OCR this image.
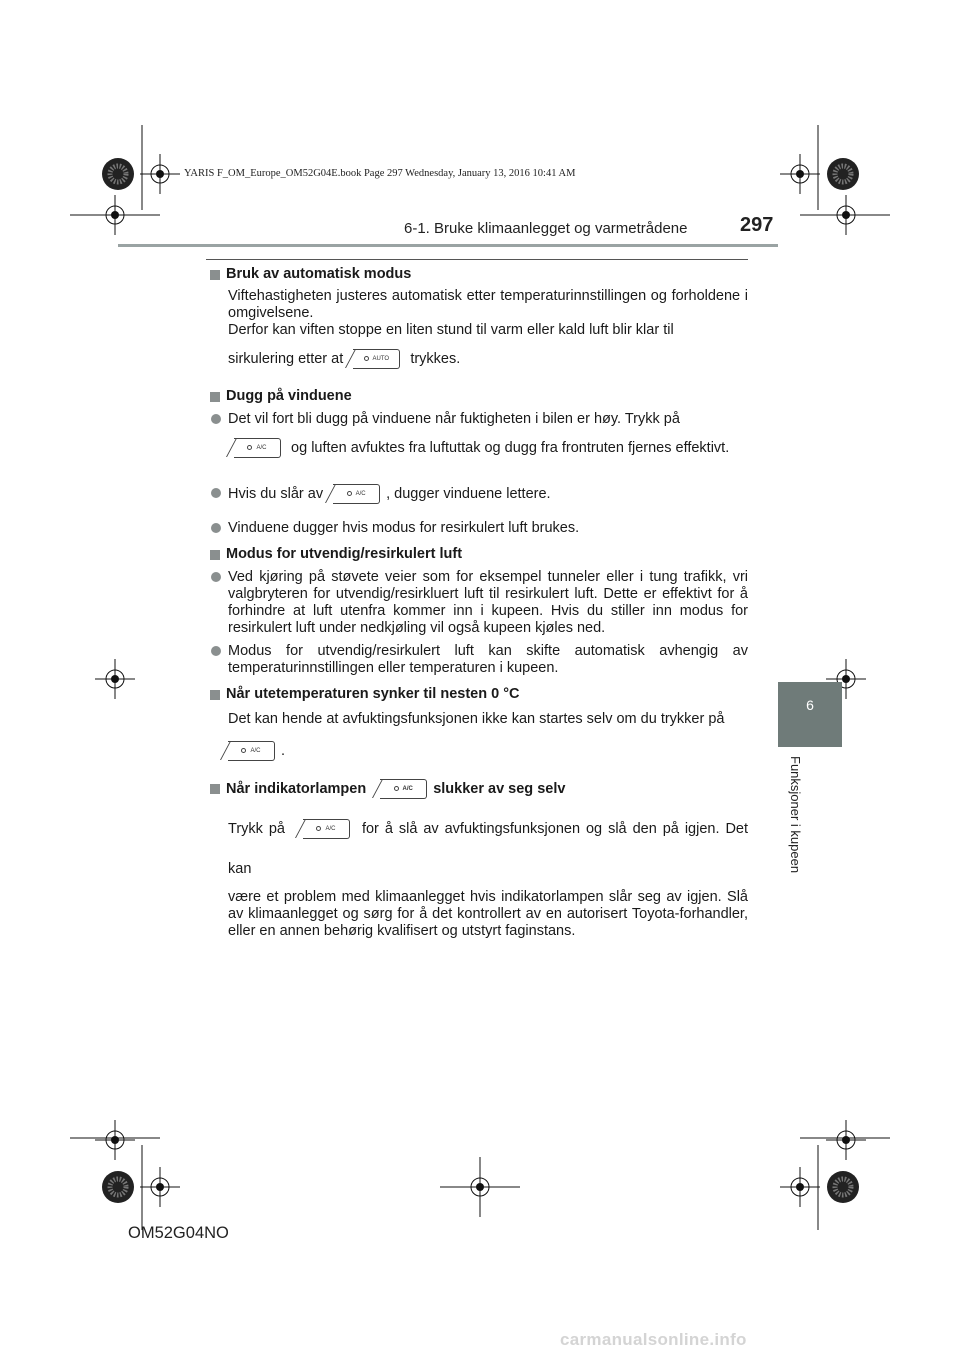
YARIS F_OM_Europe_OM52G04E.book Page 297 Wednesday, January 13, 2016 10:41 AM
6-1. Bruke klimaanlegget og varmetrådene	297
6
Funksjoner i kupeen
Bruk av automatisk modus
Viftehastigheten justeres automatisk etter temperaturinnstillingen og forholdene i omgivelsene.
Derfor kan viften stoppe en liten stund til varm eller kald luft blir klar til
sirkulering etter at	AUTO trykkes.
Dugg på vinduene
Det vil fort bli dugg på vinduene når fuktigheten i bilen er høy. Trykk på
A/C og luften avfuktes fra luftuttak og dugg fra frontruten fjernes effektivt.
Hvis du slår av	A/C , dugger vinduene lettere.
Vinduene dugger hvis modus for resirkulert luft brukes.
Modus for utvendig/resirkulert luft
Ved kjøring på støvete veier som for eksempel tunneler eller i tung trafikk, vri valgbryteren for utvendig/resirkluert luft til resirkulert luft. Dette er effektivt for å forhindre at luft utenfra kommer inn i kupeen. Hvis du stiller inn modus for resirkulert luft under nedkjøling vil også kupeen kjøles ned.
Modus for utvendig/resirkulert luft kan skifte automatisk avhengig av temperaturinnstillingen eller temperaturen i kupeen.
Når utetemperaturen synker til nesten 0 °C
Det kan hende at avfuktingsfunksjonen ikke kan startes selv om du trykker på
A/C .
Når indikatorlampen	A/C	slukker av seg selv
Trykk på	A/C for å slå av avfuktingsfunksjonen og slå den på igjen. Det kan
være et problem med klimaanlegget hvis indikatorlampen slår seg av igjen. Slå av klimaanlegget og sørg for å det kontrollert av en autorisert Toyota-forhandler, eller en annen behørig kvalifisert og utstyrt faginstans.
OM52G04NO
carmanualsonline.info
